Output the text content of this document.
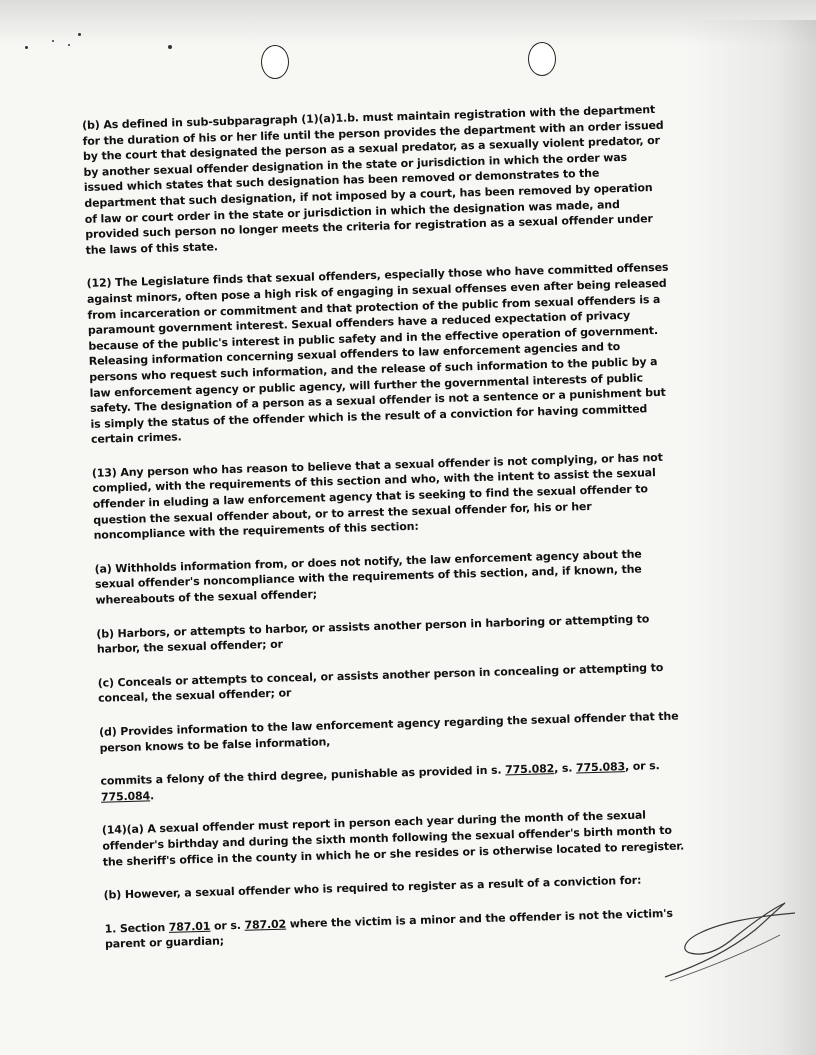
(b) As defined in sub-subparagraph (1)(a)1.b. must maintain registration with the department for the duration of his or her life until the person provides the department with an order issued by the court that designated the person as a sexual predator, as a sexually violent predator, or by another sexual offender designation in the state or jurisdiction in which the order was issued which states that such designation has been removed or demonstrates to the department that such designation, if not imposed by a court, has been removed by operation of law or court order in the state or jurisdiction in which the designation was made, and provided such person no longer meets the criteria for registration as a sexual offender under the laws of this state.

(12) The Legislature finds that sexual offenders, especially those who have committed offenses against minors, often pose a high risk of engaging in sexual offenses even after being released from incarceration or commitment and that protection of the public from sexual offenders is a paramount government interest. Sexual offenders have a reduced expectation of privacy because of the public's interest in public safety and in the effective operation of government. Releasing information concerning sexual offenders to law enforcement agencies and to persons who request such information, and the release of such information to the public by a law enforcement agency or public agency, will further the governmental interests of public safety. The designation of a person as a sexual offender is not a sentence or a punishment but is simply the status of the offender which is the result of a conviction for having committed certain crimes.

(13) Any person who has reason to believe that a sexual offender is not complying, or has not complied, with the requirements of this section and who, with the intent to assist the sexual offender in eluding a law enforcement agency that is seeking to find the sexual offender to question the sexual offender about, or to arrest the sexual offender for, his or her noncompliance with the requirements of this section:

(a) Withholds information from, or does not notify, the law enforcement agency about the sexual offender's noncompliance with the requirements of this section, and, if known, the whereabouts of the sexual offender;

(b) Harbors, or attempts to harbor, or assists another person in harboring or attempting to harbor, the sexual offender; or

(c) Conceals or attempts to conceal, or assists another person in concealing or attempting to conceal, the sexual offender; or

(d) Provides information to the law enforcement agency regarding the sexual offender that the person knows to be false information,

commits a felony of the third degree, punishable as provided in s. 775.082, s. 775.083, or s. 775.084.

(14)(a) A sexual offender must report in person each year during the month of the sexual offender's birthday and during the sixth month following the sexual offender's birth month to the sheriff's office in the county in which he or she resides or is otherwise located to reregister.

(b) However, a sexual offender who is required to register as a result of a conviction for:

1. Section 787.01 or s. 787.02 where the victim is a minor and the offender is not the victim's parent or guardian;
